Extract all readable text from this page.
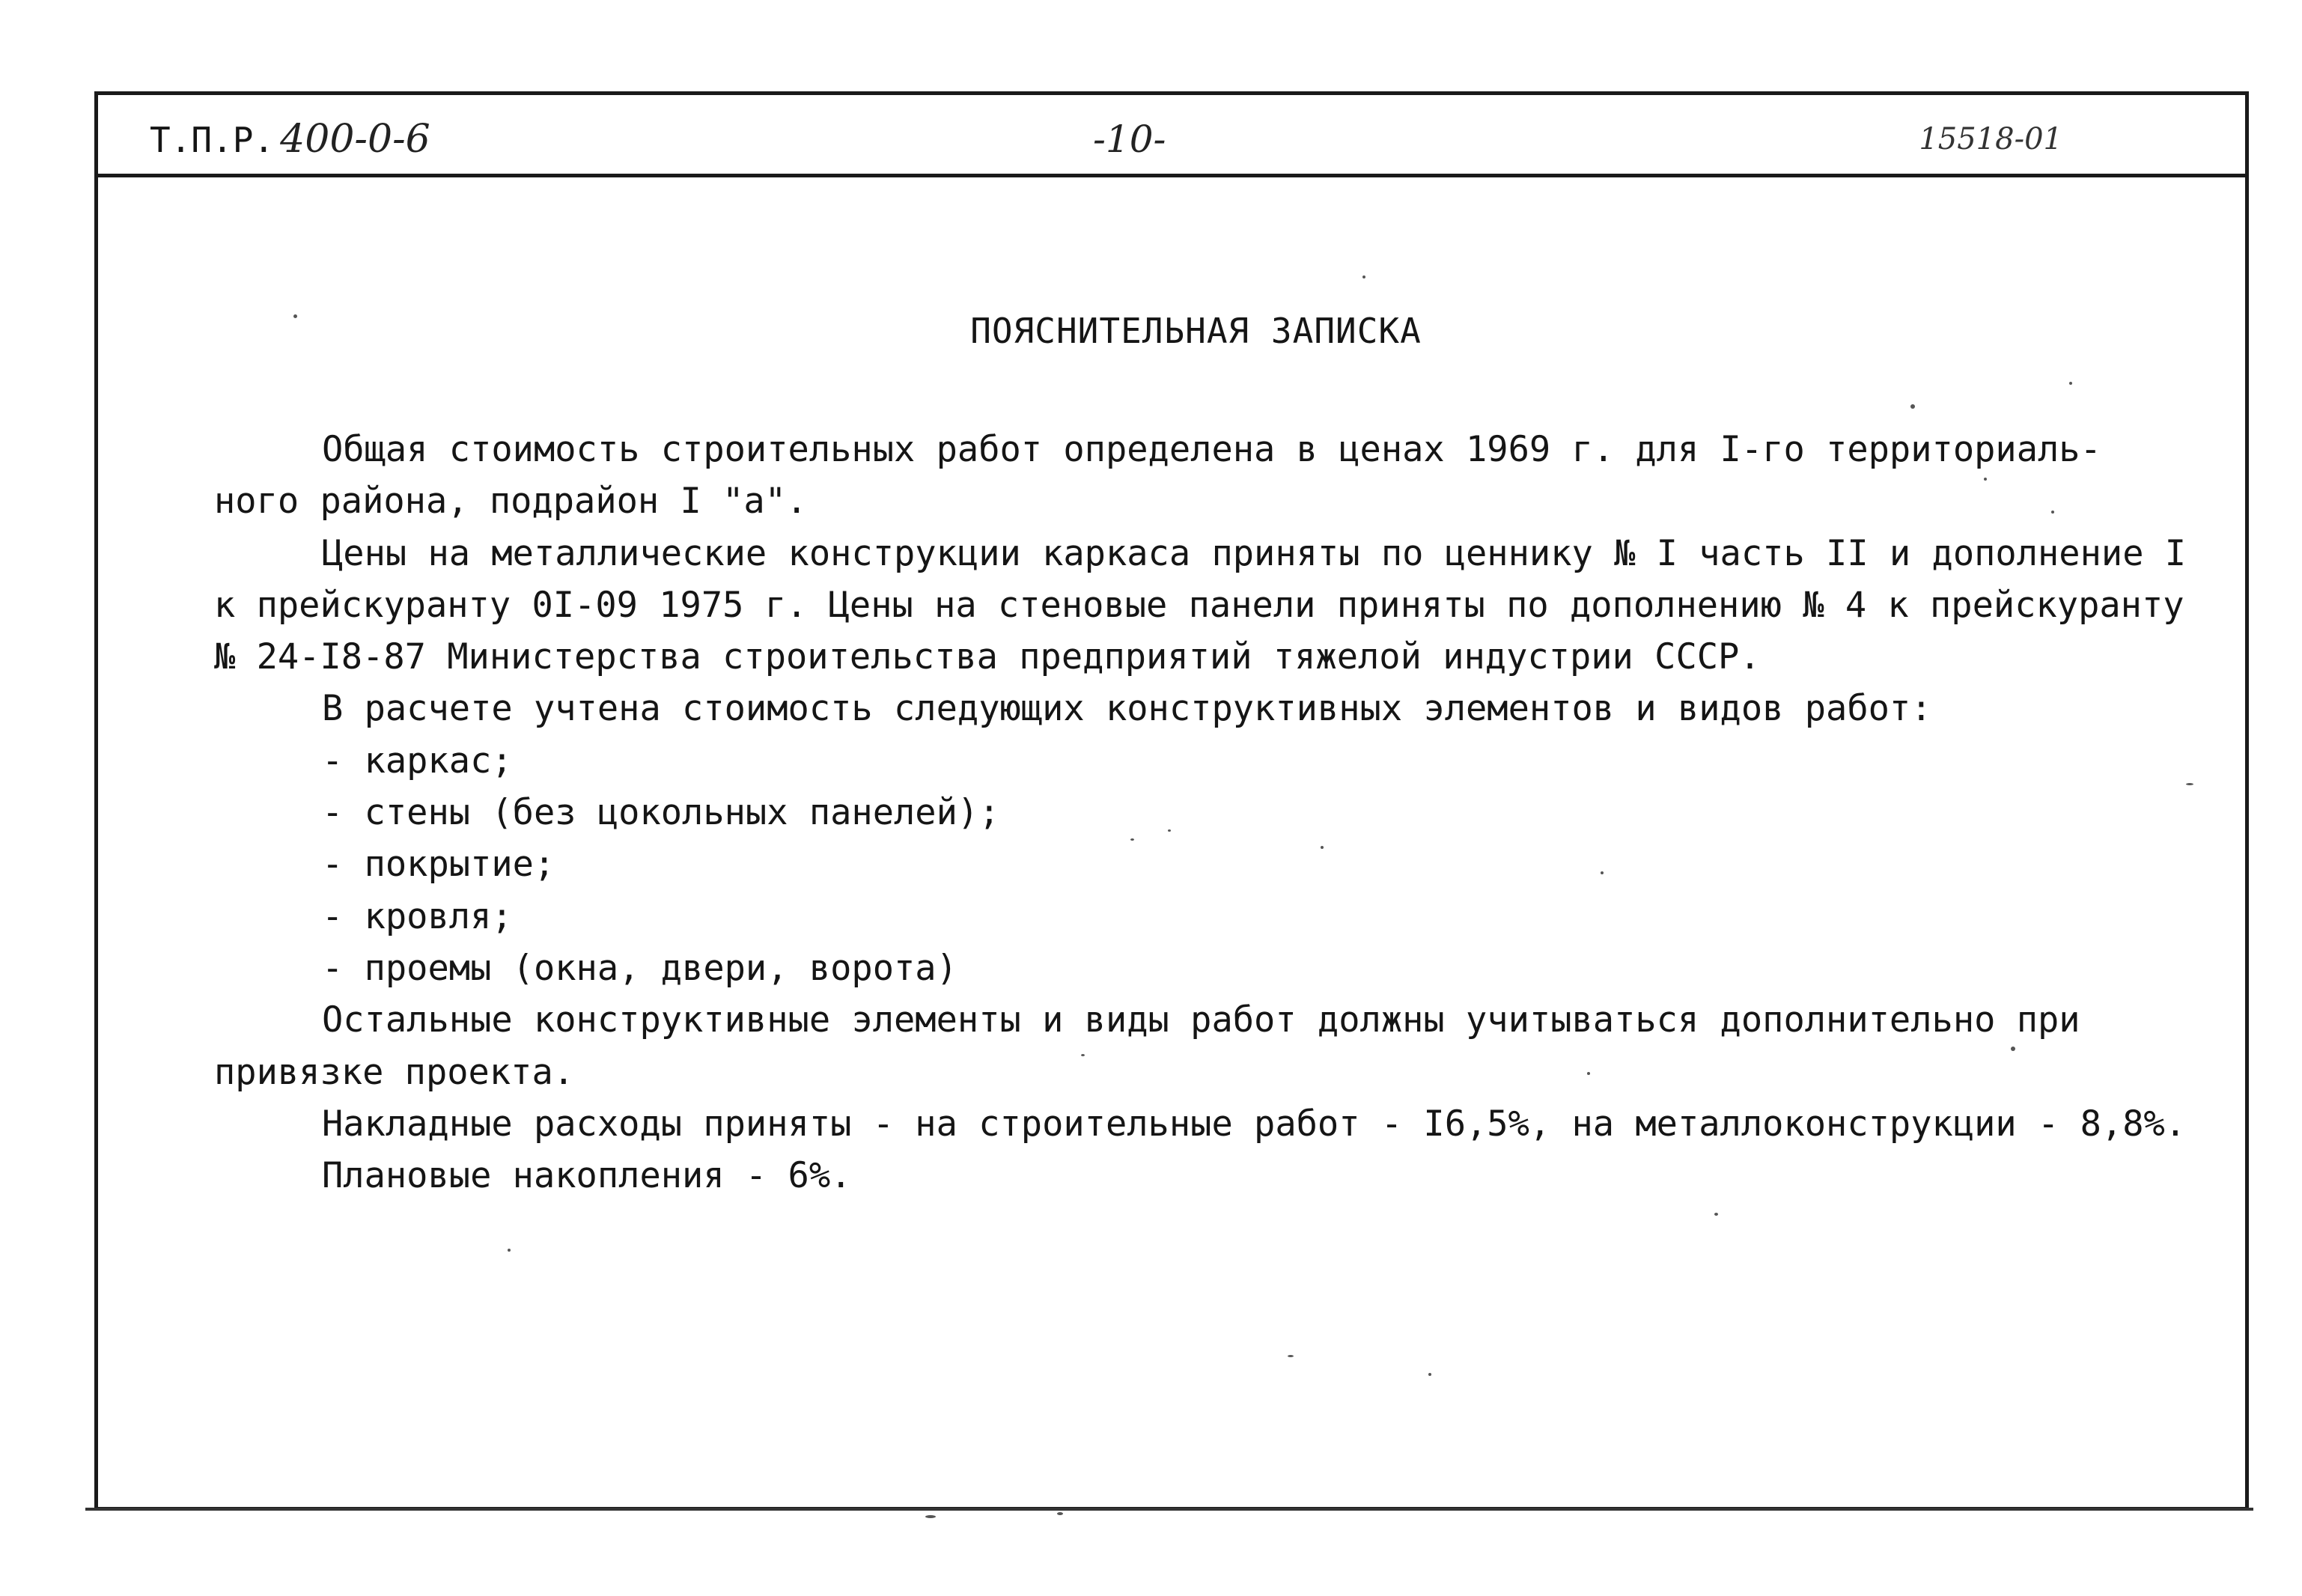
Т.П.Р. 400-0-6	-10-	15518-01
ПОЯСНИТЕЛЬНАЯ ЗАПИСКА
Общая стоимость строительных работ определена в ценах 1969 г. для I-го территориаль-
ного района, подрайон I "а".
Цены на металлические конструкции каркаса приняты по ценнику № I часть II и дополнение I
к прейскуранту 0I-09 1975 г. Цены на стеновые панели приняты по дополнению № 4 к прейскуранту
№ 24-I8-87 Министерства строительства предприятий тяжелой индустрии СССР.
В расчете учтена стоимость следующих конструктивных элементов и видов работ:
- каркас;
- стены (без цокольных панелей);
- покрытие;
- кровля;
- проемы (окна, двери, ворота)
Остальные конструктивные элементы и виды работ должны учитываться дополнительно при
привязке проекта.
Накладные расходы приняты - на строительные работ - I6,5%, на металлоконструкции - 8,8%.
Плановые накопления - 6%.
